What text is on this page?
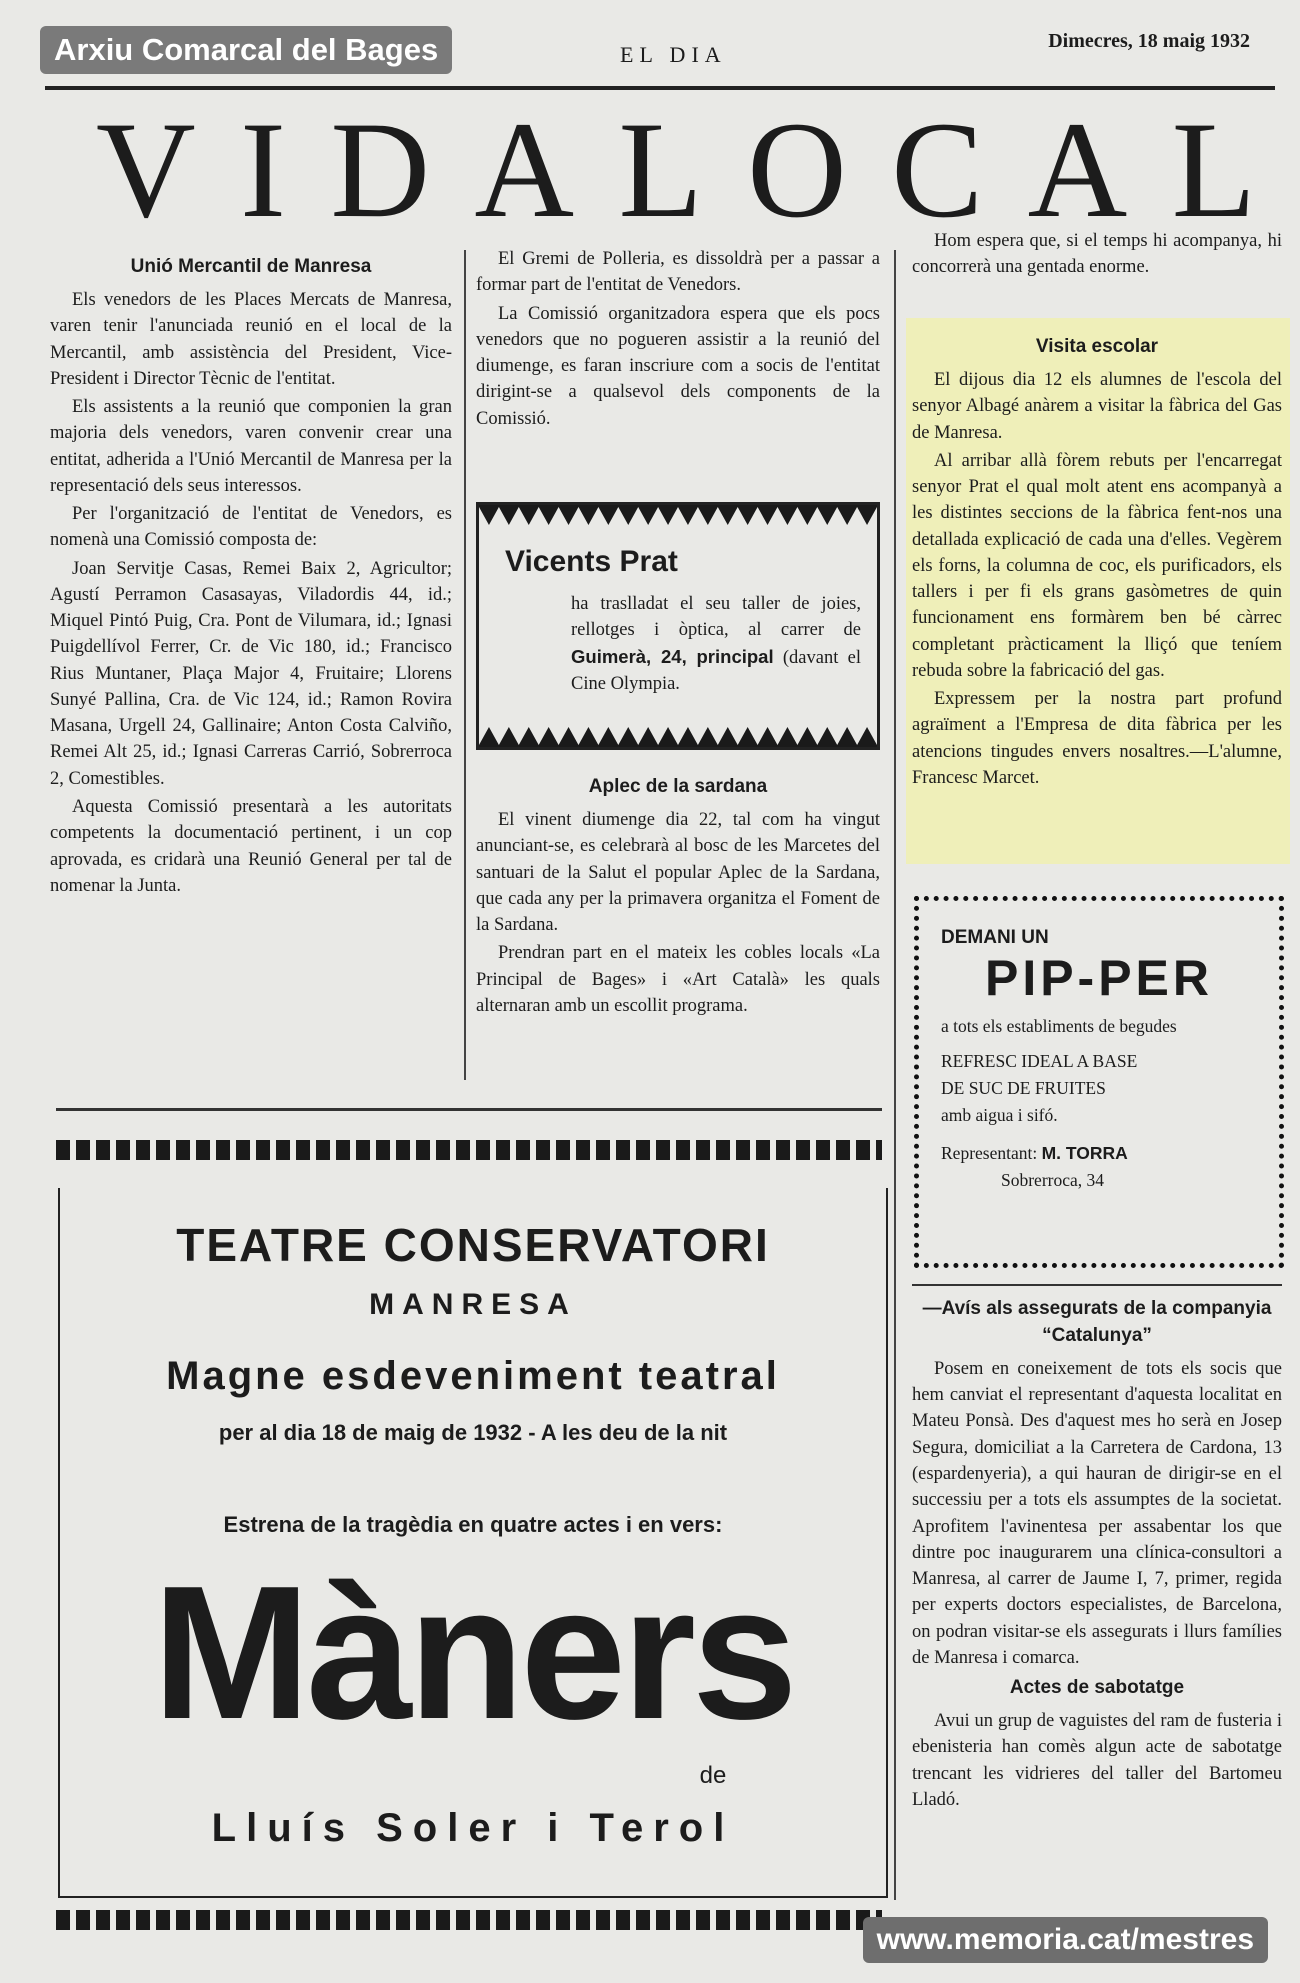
Arxiu Comarcal del Bages	EL DIA
Dimecres, 18 maig 1932
V I D A L O C A L
Unió Mercantil de Manresa

Els venedors de les Places Mercats de Manresa, varen tenir l'anunciada reunió en el local de la Mercantil, amb assistència del President, Vice-President i Director Tècnic de l'entitat.

Els assistents a la reunió que componien la gran majoria dels venedors, varen convenir crear una entitat, adherida a l'Unió Mercantil de Manresa per la representació dels seus interessos.

Per l'organització de l'entitat de Venedors, es nomenà una Comissió composta de:

Joan Servitje Casas, Remei Baix 2, Agricultor; Agustí Perramon Casasayas, Viladordis 44, id.; Miquel Pintó Puig, Cra. Pont de Vilumara, id.; Ignasi Puigdellívol Ferrer, Cr. de Vic 180, id.; Francisco Rius Muntaner, Plaça Major 4, Fruitaire; Llorens Sunyé Pallina, Cra. de Vic 124, id.; Ramon Rovira Masana, Urgell 24, Gallinaire; Anton Costa Calviño, Remei Alt 25, id.; Ignasi Carreras Carrió, Sobrerroca 2, Comestibles.

Aquesta Comissió presentarà a les autoritats competents la documentació pertinent, i un cop aprovada, es cridarà una Reunió General per tal de nomenar la Junta.

El Gremi de Polleria, es dissoldrà per a passar a formar part de l'entitat de Venedors.

La Comissió organitzadora espera que els pocs venedors que no pogueren assistir a la reunió del diumenge, es faran inscriure com a socis de l'entitat dirigint-se a qualsevol dels components de la Comissió.

Vicents Prat
ha traslladat el seu taller de joies, rellotges i òptica, al carrer de Guimerà, 24, principal (davant el Cine Olympia.
Aplec de la sardana

El vinent diumenge dia 22, tal com ha vingut anunciant-se, es celebrarà al bosc de les Marcetes del santuari de la Salut el popular Aplec de la Sardana, que cada any per la primavera organitza el Foment de la Sardana.

Prendran part en el mateix les cobles locals «La Principal de Bages» i «Art Català» les quals alternaran amb un escollit programa.

Hom espera que, si el temps hi acompanya, hi concorrerà una gentada enorme.

Visita escolar

El dijous dia 12 els alumnes de l'escola del senyor Albagé anàrem a visitar la fàbrica del Gas de Manresa.

Al arribar allà fòrem rebuts per l'encarregat senyor Prat el qual molt atent ens acompanyà a les distintes seccions de la fàbrica fent-nos una detallada explicació de cada una d'elles. Vegèrem els forns, la columna de coc, els purificadors, els tallers i per fi els grans gasòmetres de quin funcionament ens formàrem ben bé càrrec completant pràcticament la lliçó que teníem rebuda sobre la fabricació del gas.

Expressem per la nostra part profund agraïment a l'Empresa de dita fàbrica per les atencions tingudes envers nosaltres.—L'alumne, Francesc Marcet.

DEMANI UN
PIP-PER
a tots els establiments de begudes
REFRESC IDEAL A BASE
DE SUC DE FRUITES
amb aigua i sifó.
Representant: M. TORRA
Sobrerroca, 34
—Avís als assegurats de la companyia “Catalunya”

Posem en coneixement de tots els socis que hem canviat el representant d'aquesta localitat en Mateu Ponsà. Des d'aquest mes ho serà en Josep Segura, domiciliat a la Carretera de Cardona, 13 (espardenyeria), a qui hauran de dirigir-se en el successiu per a tots els assumptes de la societat. Aprofitem l'avinentesa per assabentar los que dintre poc inaugurarem una clínica-consultori a Manresa, al carrer de Jaume I, 7, primer, regida per experts doctors especialistes, de Barcelona, on podran visitar-se els assegurats i llurs famílies de Manresa i comarca.

Actes de sabotatge

Avui un grup de vaguistes del ram de fusteria i ebenisteria han comès algun acte de sabotatge trencant les vidrieres del taller del Bartomeu Lladó.

TEATRE CONSERVATORI
MANRESA
Magne esdeveniment teatral
per al dia 18 de maig de 1932 - A les deu de la nit
Estrena de la tragèdia en quatre actes i en vers:
Màners
de
Lluís Soler i Terol
www.memoria.cat/mestres
